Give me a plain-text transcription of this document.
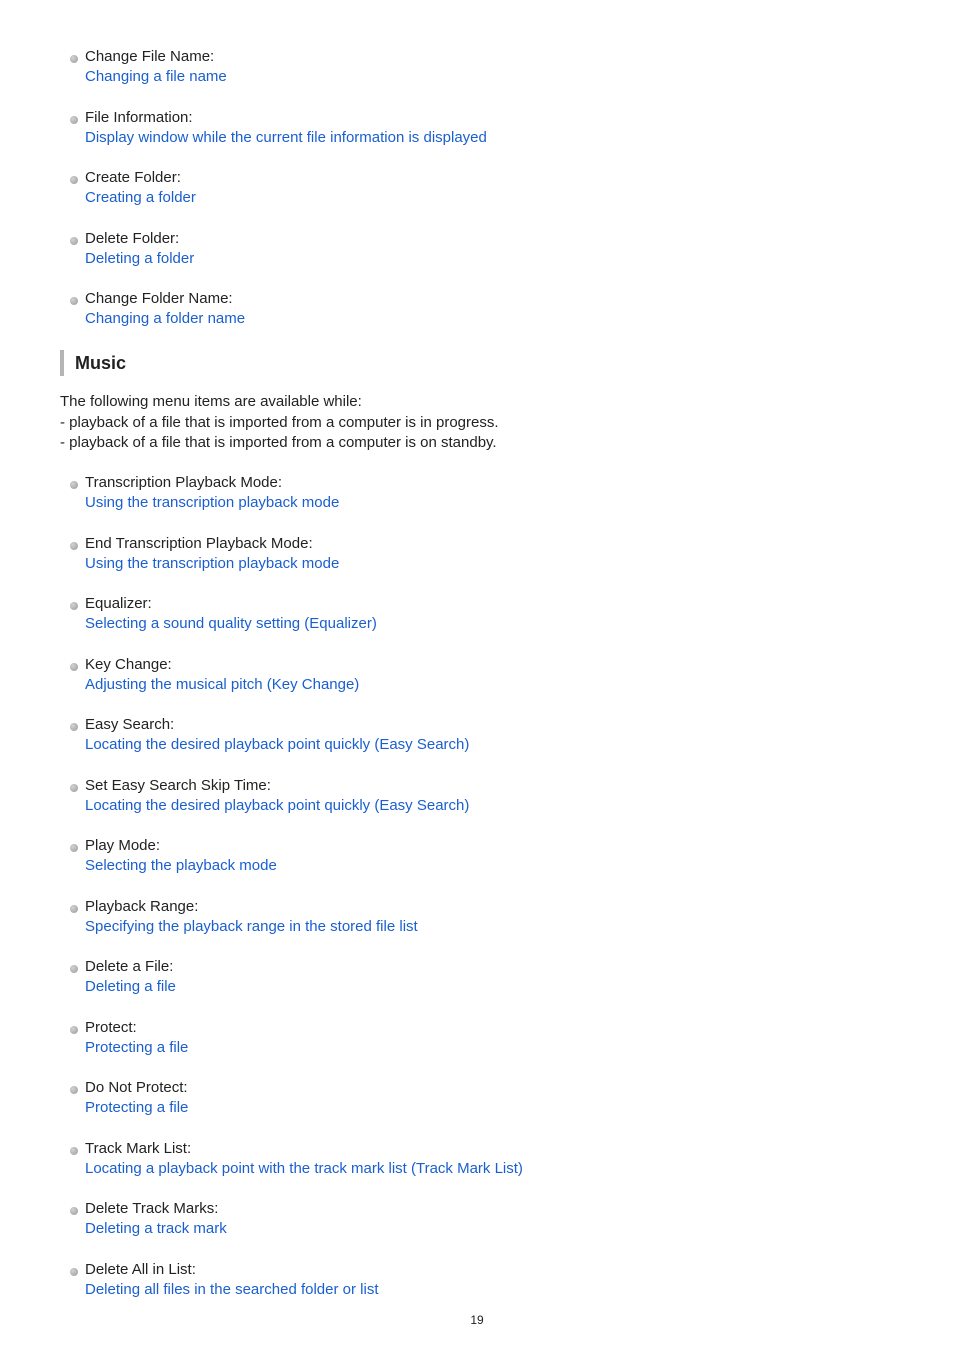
Change File Name:
Changing a file name
File Information:
Display window while the current file information is displayed
Create Folder:
Creating a folder
Delete Folder:
Deleting a folder
Change Folder Name:
Changing a folder name
Music

The following menu items are available while:

- playback of a file that is imported from a computer is in progress.

- playback of a file that is imported from a computer is on standby.

Transcription Playback Mode:
Using the transcription playback mode
End Transcription Playback Mode:
Using the transcription playback mode
Equalizer:
Selecting a sound quality setting (Equalizer)
Key Change:
Adjusting the musical pitch (Key Change)
Easy Search:
Locating the desired playback point quickly (Easy Search)
Set Easy Search Skip Time:
Locating the desired playback point quickly (Easy Search)
Play Mode:
Selecting the playback mode
Playback Range:
Specifying the playback range in the stored file list
Delete a File:
Deleting a file
Protect:
Protecting a file
Do Not Protect:
Protecting a file
Track Mark List:
Locating a playback point with the track mark list (Track Mark List)
Delete Track Marks:
Deleting a track mark
Delete All in List:
Deleting all files in the searched folder or list
19
